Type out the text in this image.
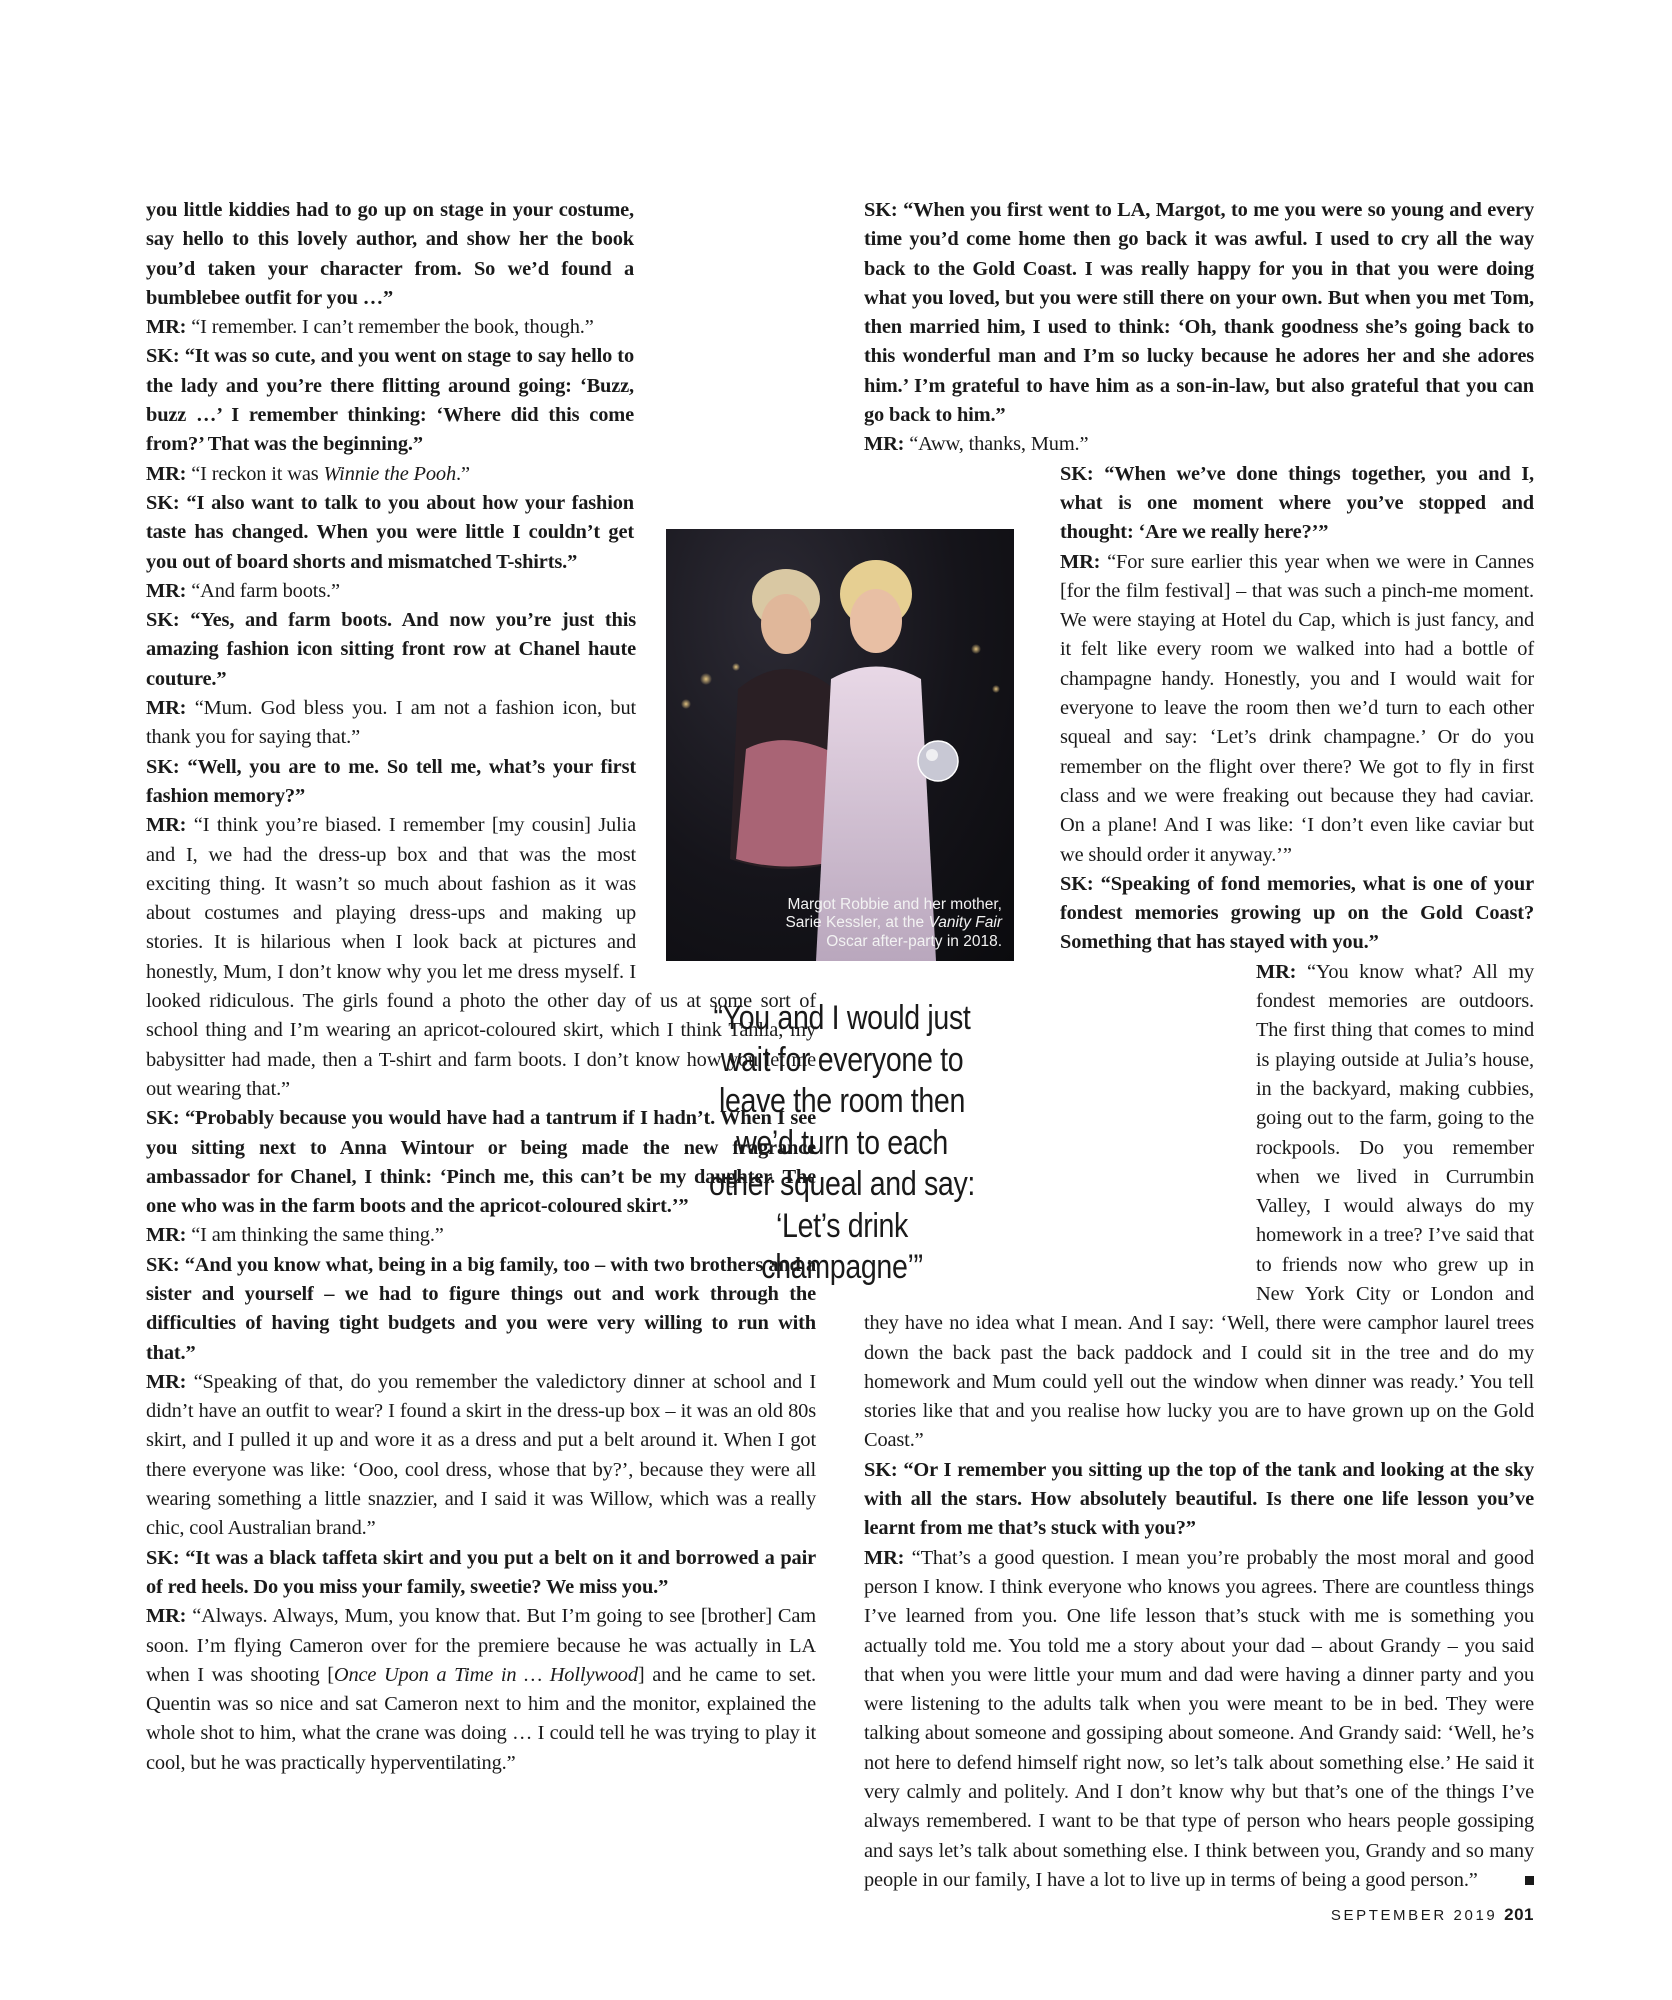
you little kiddies had to go up on stage in your costume, say hello to this lovely author, and show her the book you’d taken your character from. So we’d found a bumblebee outfit for you …”

MR: “I remember. I can’t remember the book, though.”

SK: “It was so cute, and you went on stage to say hello to the lady and you’re there flitting around going: ‘Buzz, buzz …’ I remember thinking: ‘Where did this come from?’ That was the beginning.”

MR: “I reckon it was Winnie the Pooh.”

SK: “I also want to talk to you about how your fashion taste has changed. When you were little I couldn’t get you out of board shorts and mismatched T-shirts.”

MR: “And farm boots.”

SK: “Yes, and farm boots. And now you’re just this amazing fashion icon sitting front row at Chanel haute couture.”

MR: “Mum. God bless you. I am not a fashion icon, but thank you for saying that.”

SK: “Well, you are to me. So tell me, what’s your first fashion memory?”

MR: “I think you’re biased. I remember [my cousin] Julia and I, we had the dress-up box and that was the most exciting thing. It wasn’t so much about fashion as it was about costumes and playing dress-ups and making up stories. It is hilarious when I look back at pictures and honestly, Mum, I don’t know why you let me dress myself. I looked ridiculous. The girls found a photo the other day of us at some sort of school thing and I’m wearing an apricot-coloured skirt, which I think Tahlia, my babysitter had made, then a T-shirt and farm boots. I don’t know how you let me out wearing that.”

SK: “Probably because you would have had a tantrum if I hadn’t. When I see you sitting next to Anna Wintour or being made the new fragrance ambassador for Chanel, I think: ‘Pinch me, this can’t be my daughter. The one who was in the farm boots and the apricot-coloured skirt.’”

MR: “I am thinking the same thing.”

SK: “And you know what, being in a big family, too – with two brothers and a sister and yourself – we had to figure things out and work through the difficulties of having tight budgets and you were very willing to run with that.”

MR: “Speaking of that, do you remember the valedictory dinner at school and I didn’t have an outfit to wear? I found a skirt in the dress-up box – it was an old 80s skirt, and I pulled it up and wore it as a dress and put a belt around it. When I got there everyone was like: ‘Ooo, cool dress, whose that by?’, because they were all wearing something a little snazzier, and I said it was Willow, which was a really chic, cool Australian brand.”

SK: “It was a black taffeta skirt and you put a belt on it and borrowed a pair of red heels. Do you miss your family, sweetie? We miss you.”

MR: “Always. Always, Mum, you know that. But I’m going to see [brother] Cam soon. I’m flying Cameron over for the premiere because he was actually in LA when I was shooting [Once Upon a Time in … Hollywood] and he came to set. Quentin was so nice and sat Cameron next to him and the monitor, explained the whole shot to him, what the crane was doing … I could tell he was trying to play it cool, but he was practically hyperventilating.”

SK: “When you first went to LA, Margot, to me you were so young and every time you’d come home then go back it was awful. I used to cry all the way back to the Gold Coast. I was really happy for you in that you were doing what you loved, but you were still there on your own. But when you met Tom, then married him, I used to think: ‘Oh, thank goodness she’s going back to this wonderful man and I’m so lucky because he adores her and she adores him.’ I’m grateful to have him as a son-in-law, but also grateful that you can go back to him.”

MR: “Aww, thanks, Mum.”

SK: “When we’ve done things together, you and I, what is one moment where you’ve stopped and thought: ‘Are we really here?’”

MR: “For sure earlier this year when we were in Cannes [for the film festival] – that was such a pinch-me moment. We were staying at Hotel du Cap, which is just fancy, and it felt like every room we walked into had a bottle of champagne handy. Honestly, you and I would wait for everyone to leave the room then we’d turn to each other squeal and say: ‘Let’s drink champagne.’ Or do you remember on the flight over there? We got to fly in first class and we were freaking out because they had caviar. On a plane! And I was like: ‘I don’t even like caviar but we should order it anyway.’”

SK: “Speaking of fond memories, what is one of your fondest memories growing up on the Gold Coast? Something that has stayed with you.”

MR: “You know what? All my fondest memories are outdoors. The first thing that comes to mind is playing outside at Julia’s house, in the backyard, making cubbies, going out to the farm, going to the rockpools. Do you remember when we lived in Currumbin Valley, I would always do my homework in a tree? I’ve said that to friends now who grew up in New York City or London and they have no idea what I mean. And I say: ‘Well, there were camphor laurel trees down the back past the back paddock and I could sit in the tree and do my homework and Mum could yell out the window when dinner was ready.’ You tell stories like that and you realise how lucky you are to have grown up on the Gold Coast.”

SK: “Or I remember you sitting up the top of the tank and looking at the sky with all the stars. How absolutely beautiful. Is there one life lesson you’ve learnt from me that’s stuck with you?”

MR: “That’s a good question. I mean you’re probably the most moral and good person I know. I think everyone who knows you agrees. There are countless things I’ve learned from you. One life lesson that’s stuck with me is something you actually told me. You told me a story about your dad – about Grandy – you said that when you were little your mum and dad were having a dinner party and you were listening to the adults talk when you were meant to be in bed. They were talking about someone and gossiping about someone. And Grandy said: ‘Well, he’s not here to defend himself right now, so let’s talk about something else.’ He said it very calmly and politely. And I don’t know why but that’s one of the things I’ve always remembered. I want to be that type of person who hears people gossiping and says let’s talk about something else. I think between you, Grandy and so many people in our family, I have a lot to live up in terms of being a good person.”

Margot Robbie and her mother, Sarie Kessler, at the Vanity Fair Oscar after-party in 2018.
“You and I would just wait for everyone to leave the room then we’d turn to each other squeal and say: ‘Let’s drink champagne’”
SEPTEMBER 2019 201
